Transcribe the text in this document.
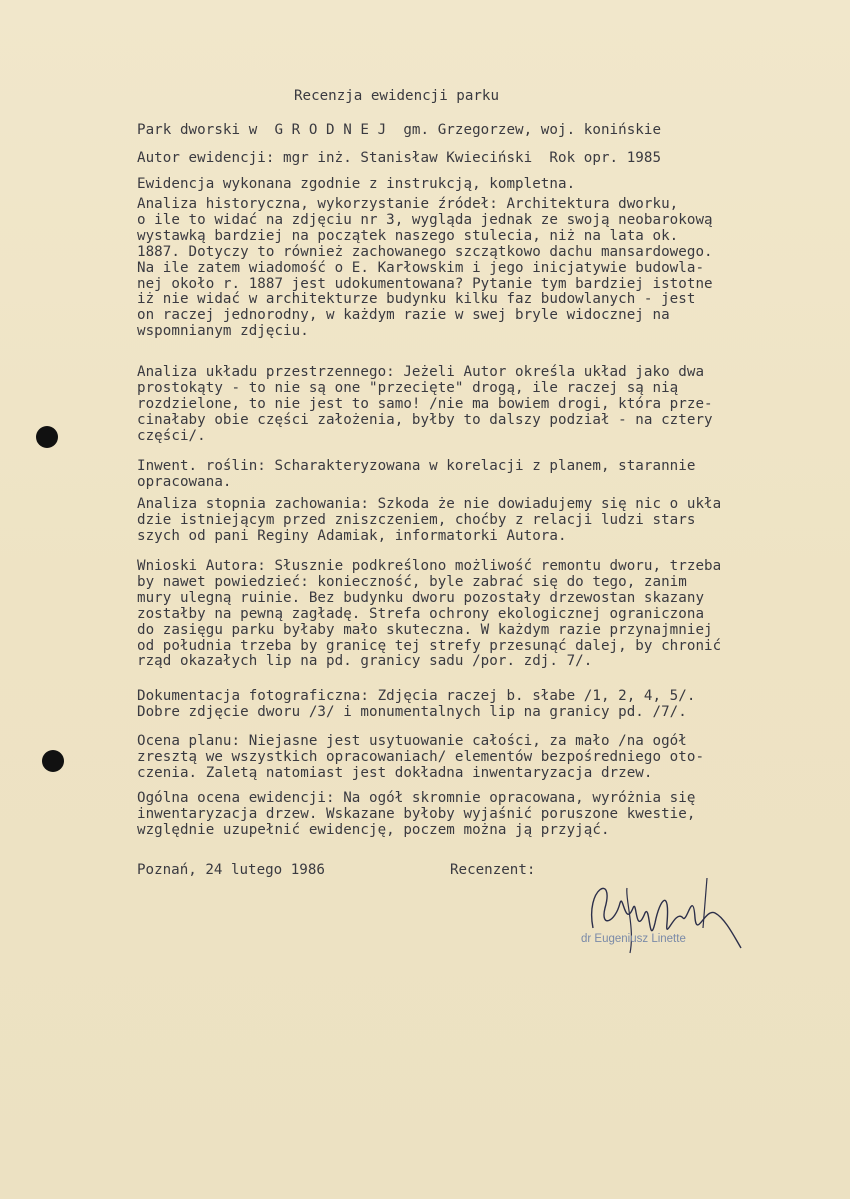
Recenzja ewidencji parku
Park dworski w  G R O D N E J  gm. Grzegorzew, woj. konińskie
Autor ewidencji: mgr inż. Stanisław Kwieciński  Rok opr. 1985
Ewidencja wykonana zgodnie z instrukcją, kompletna.
Analiza historyczna, wykorzystanie źródeł: Architektura dworku,
o ile to widać na zdjęciu nr 3, wygląda jednak ze swoją neobarokową
wystawką bardziej na początek naszego stulecia, niż na lata ok.
1887. Dotyczy to również zachowanego szczątkowo dachu mansardowego.
Na ile zatem wiadomość o E. Karłowskim i jego inicjatywie budowla-
nej około r. 1887 jest udokumentowana? Pytanie tym bardziej istotne
iż nie widać w architekturze budynku kilku faz budowlanych - jest
on raczej jednorodny, w każdym razie w swej bryle widocznej na
wspomnianym zdjęciu.
Analiza układu przestrzennego: Jeżeli Autor określa układ jako dwa
prostokąty - to nie są one "przecięte" drogą, ile raczej są nią
rozdzielone, to nie jest to samo! /nie ma bowiem drogi, która prze-
cinałaby obie części założenia, byłby to dalszy podział - na cztery
części/.
Inwent. roślin: Scharakteryzowana w korelacji z planem, starannie
opracowana.
Analiza stopnia zachowania: Szkoda że nie dowiadujemy się nic o ukła
dzie istniejącym przed zniszczeniem, choćby z relacji ludzi stars
szych od pani Reginy Adamiak, informatorki Autora.
Wnioski Autora: Słusznie podkreślono możliwość remontu dworu, trzeba
by nawet powiedzieć: konieczność, byle zabrać się do tego, zanim
mury ulegną ruinie. Bez budynku dworu pozostały drzewostan skazany
zostałby na pewną zagładę. Strefa ochrony ekologicznej ograniczona
do zasięgu parku byłaby mało skuteczna. W każdym razie przynajmniej
od południa trzeba by granicę tej strefy przesunąć dalej, by chronić
rząd okazałych lip na pd. granicy sadu /por. zdj. 7/.
Dokumentacja fotograficzna: Zdjęcia raczej b. słabe /1, 2, 4, 5/.
Dobre zdjęcie dworu /3/ i monumentalnych lip na granicy pd. /7/.
Ocena planu: Niejasne jest usytuowanie całości, za mało /na ogół
zresztą we wszystkich opracowaniach/ elementów bezpośredniego oto-
czenia. Zaletą natomiast jest dokładna inwentaryzacja drzew.
Ogólna ocena ewidencji: Na ogół skromnie opracowana, wyróżnia się
inwentaryzacja drzew. Wskazane byłoby wyjaśnić poruszone kwestie,
względnie uzupełnić ewidencję, poczem można ją przyjąć.
Poznań, 24 lutego 1986	Recenzent:
dr Eugeniusz Linette
